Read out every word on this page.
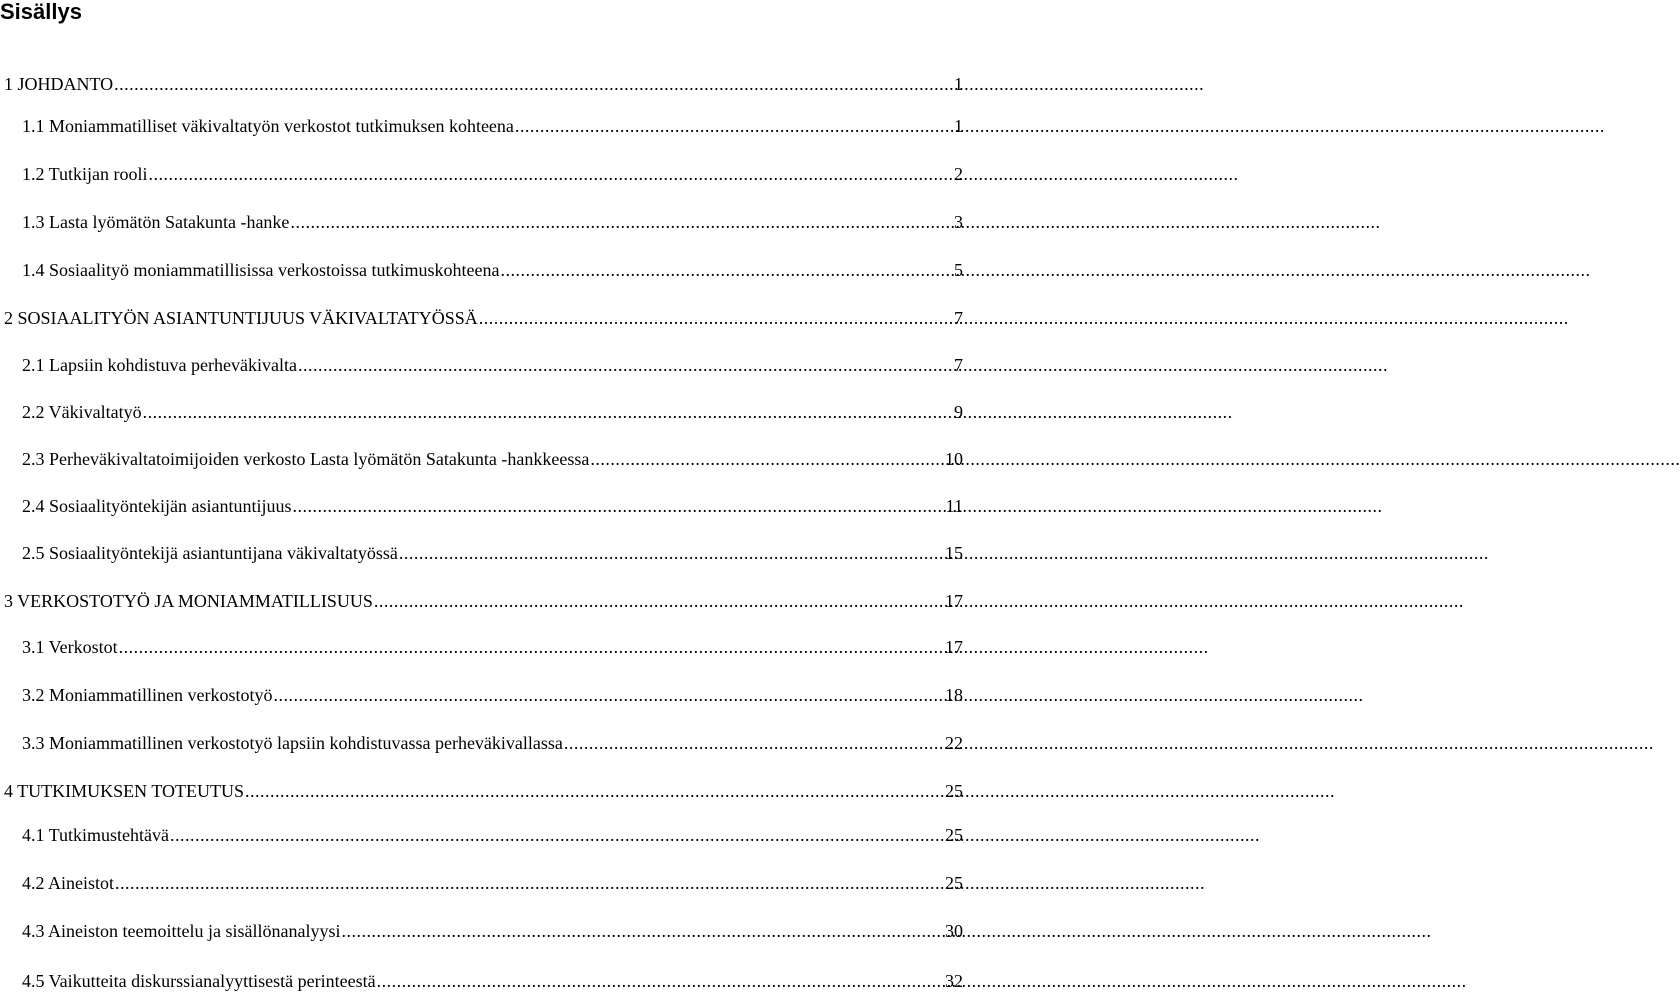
Sisällys
1 JOHDANTO .....	1
1.1 Moniammatilliset väkivaltatyön verkostot tutkimuksen kohteena .....	1
1.2 Tutkijan rooli .....	2
1.3 Lasta lyömätön Satakunta -hanke .....	3
1.4 Sosiaalityö moniammatillisissa verkostoissa tutkimuskohteena .....	5
2 SOSIAALITYÖN ASIANTUNTIJUUS VÄKIVALTATYÖSSÄ .....	7
2.1 Lapsiin kohdistuva perheväkivalta .....	7
2.2 Väkivaltatyö .....	9
2.3 Perheväkivaltatoimijoiden verkosto Lasta lyömätön Satakunta -hankkeessa .....	10
2.4 Sosiaalityöntekijän asiantuntijuus .....	11
2.5 Sosiaalityöntekijä asiantuntijana väkivaltatyössä .....	15
3 VERKOSTOTYÖ JA MONIAMMATILLISUUS .....	17
3.1 Verkostot .....	17
3.2 Moniammatillinen verkostotyö .....	18
3.3 Moniammatillinen verkostotyö lapsiin kohdistuvassa perheväkivallassa .....	22
4 TUTKIMUKSEN TOTEUTUS .....	25
4.1 Tutkimustehtävä .....	25
4.2 Aineistot .....	25
4.3 Aineiston teemoittelu ja sisällönanalyysi .....	30
4.5 Vaikutteita diskurssianalyyttisestä perinteestä .....	32
